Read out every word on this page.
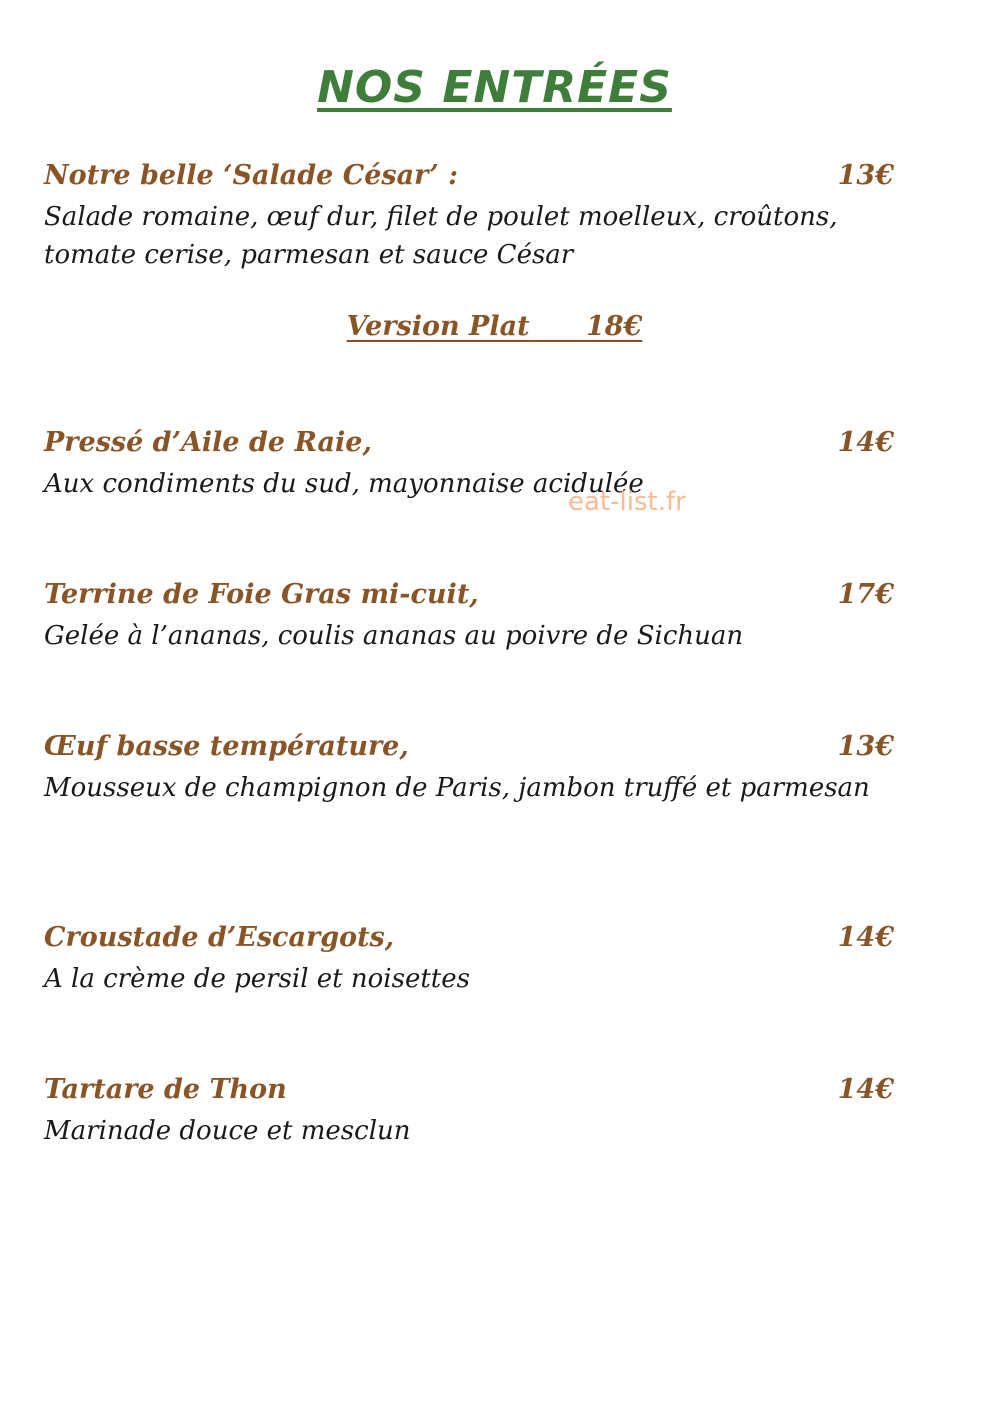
NOS ENTRÉES
Notre belle ‘Salade César’ :	13€
Salade romaine, œuf dur, filet de poulet moelleux, croûtons, tomate cerise, parmesan et sauce César
Version Plat 18€
Pressé d’Aile de Raie,	14€
Aux condiments du sud, mayonnaise acidulée
eat-list.fr
Terrine de Foie Gras mi-cuit,	17€
Gelée à l’ananas, coulis ananas au poivre de Sichuan
Œuf basse température,	13€
Mousseux de champignon de Paris, jambon truffé et parmesan
Croustade d’Escargots,	14€
A la crème de persil et noisettes
Tartare de Thon	14€
Marinade douce et mesclun
